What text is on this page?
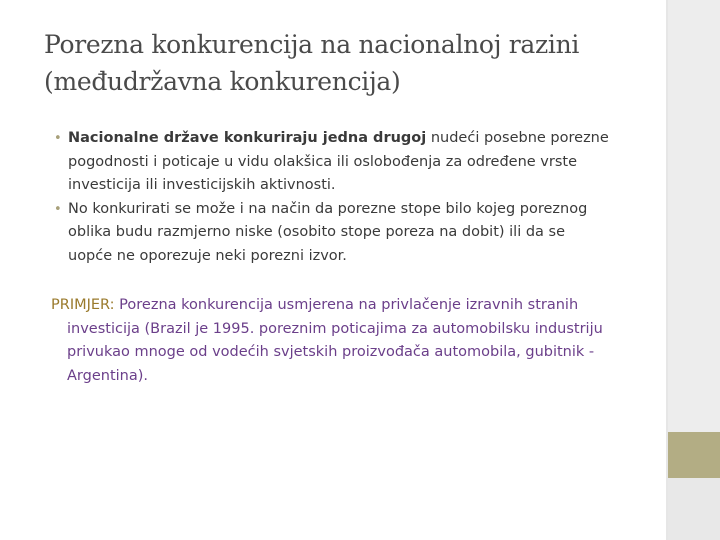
Porezna konkurencija na nacionalnoj razini
(međudržavna konkurencija)
• Nacionalne države konkuriraju jedna drugoj nudeći posebne porezne pogodnosti i poticaje u vidu olakšica ili oslobođenja za određene vrste investicija ili investicijskih aktivnosti.
• No konkurirati se može i na način da porezne stope bilo kojeg poreznog oblika budu razmjerno niske (osobito stope poreza na dobit) ili da se uopće ne oporezuje neki porezni izvor.

PRIMJER: Porezna konkurencija usmjerena na privlačenje izravnih stranih investicija (Brazil je 1995. poreznim poticajima za automobilsku industriju privukao mnoge od vodećih svjetskih proizvođača automobila, gubitnik - Argentina).
